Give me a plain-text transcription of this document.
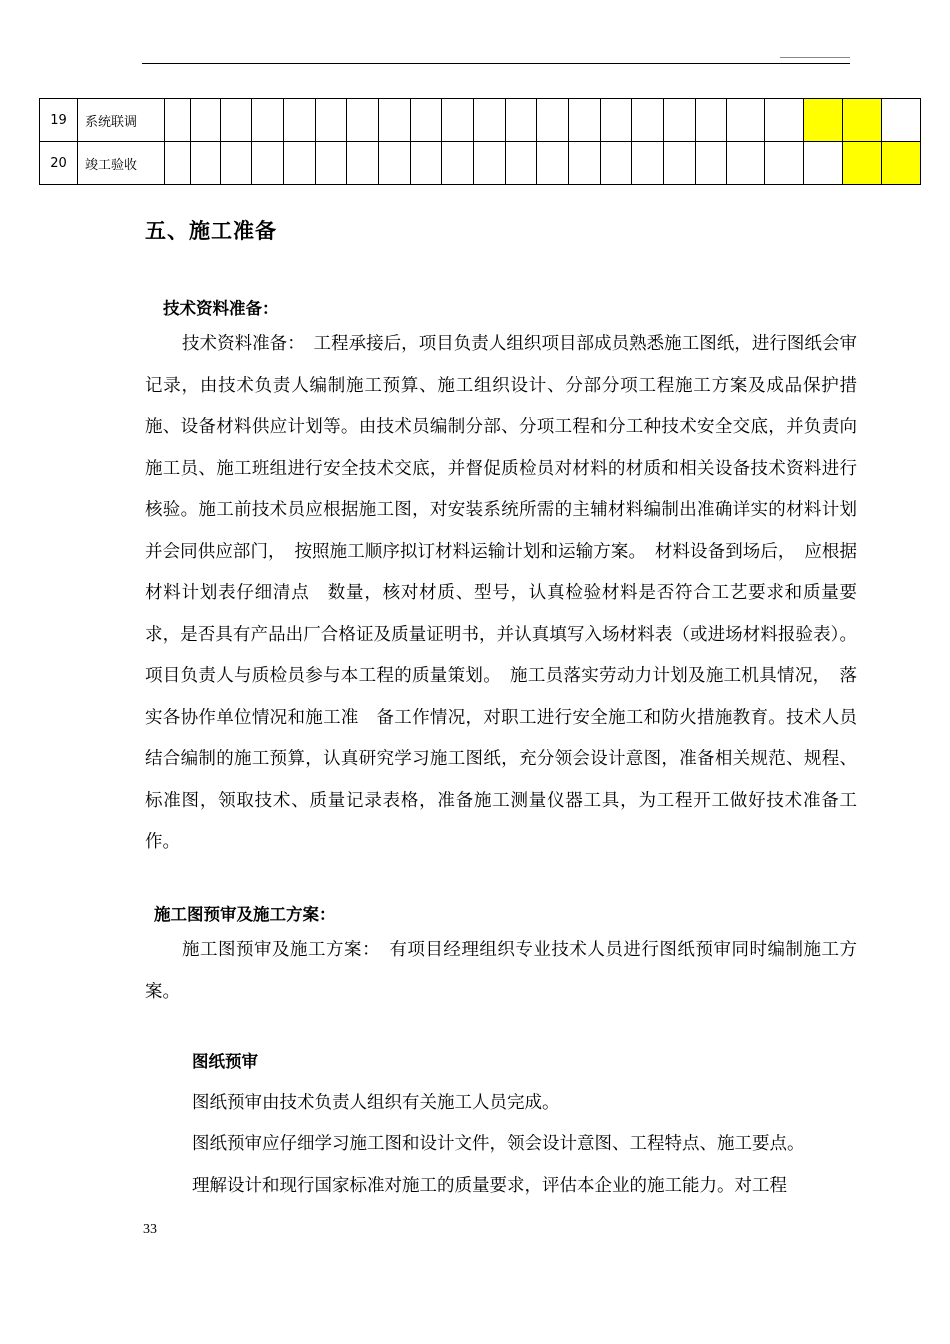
19	系统联调																							
20	竣工验收																							
五、施工准备
技术资料准备：

技术资料准备：　工程承接后，项目负责人组织项目部成员熟悉施工图纸，进行图纸会审记录，由技术负责人编制施工预算、施工组织设计、分部分项工程施工方案及成品保护措施、设备材料供应计划等。由技术员编制分部、分项工程和分工种技术安全交底，并负责向施工员、施工班组进行安全技术交底，并督促质检员对材料的材质和相关设备技术资料进行核验。施工前技术员应根据施工图，对安装系统所需的主辅材料编制出准确详实的材料计划并会同供应部门，　按照施工顺序拟订材料运输计划和运输方案。　材料设备到场后，　应根据材料计划表仔细清点　数量，核对材质、型号，认真检验材料是否符合工艺要求和质量要求，是否具有产品出厂合格证及质量证明书，并认真填写入场材料表（或进场材料报验表）。项目负责人与质检员参与本工程的质量策划。　施工员落实劳动力计划及施工机具情况，　落实各协作单位情况和施工准　备工作情况，对职工进行安全施工和防火措施教育。技术人员结合编制的施工预算，认真研究学习施工图纸，充分领会设计意图，准备相关规范、规程、标准图，领取技术、质量记录表格，准备施工测量仪器工具，为工程开工做好技术准备工作。

施工图预审及施工方案：

施工图预审及施工方案：　有项目经理组织专业技术人员进行图纸预审同时编制施工方案。

图纸预审

图纸预审由技术负责人组织有关施工人员完成。

图纸预审应仔细学习施工图和设计文件，领会设计意图、工程特点、施工要点。

理解设计和现行国家标准对施工的质量要求，评估本企业的施工能力。对工程

33
